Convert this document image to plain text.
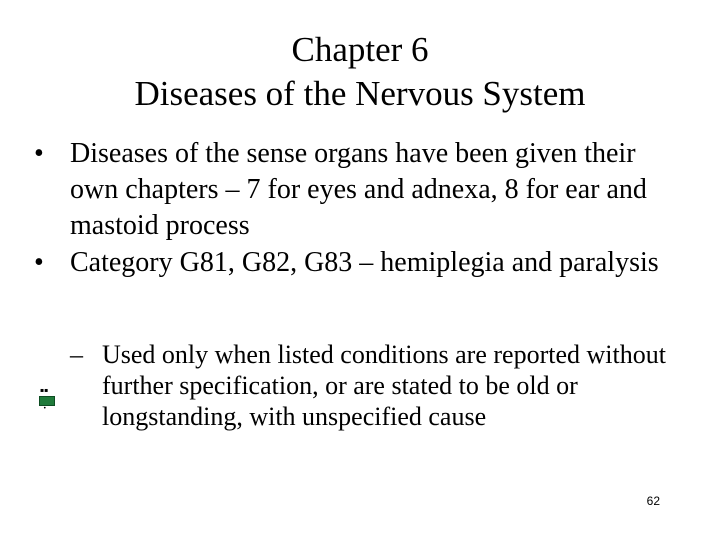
Chapter 6
Diseases of the Nervous System
• Diseases of the sense organs have been given their own chapters – 7 for eyes and adnexa, 8 for ear and mastoid process
• Category G81, G82, G83 – hemiplegia and paralysis
▪▪
•
– Used only when listed conditions are reported without further specification, or are stated to be old or longstanding, with unspecified cause
62
